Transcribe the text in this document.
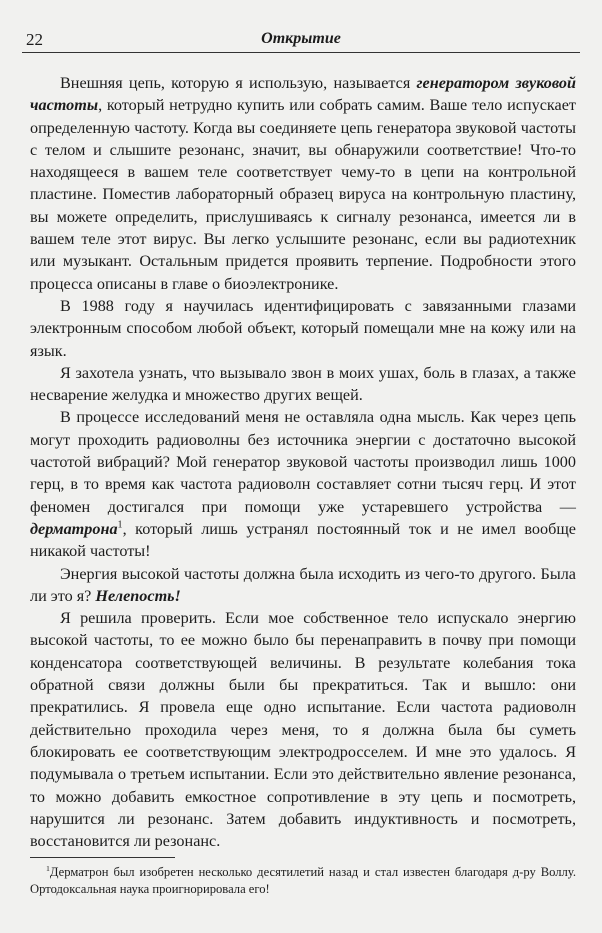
22	Открытие

Внешняя цепь, которую я использую, называется генератором звуковой частоты, который нетрудно купить или собрать самим. Ваше тело испускает определенную частоту. Когда вы соединяете цепь генератора звуковой частоты с телом и слышите резонанс, значит, вы обнаружили соответствие! Что-то находящееся в вашем теле соответствует чему-то в цепи на контрольной пластине. Поместив лабораторный образец вируса на контрольную пластину, вы можете определить, прислушиваясь к сигналу резонанса, имеется ли в вашем теле этот вирус. Вы легко услышите резонанс, если вы радиотехник или музыкант. Остальным придется проявить терпение. Подробности этого процесса описаны в главе о биоэлектронике.

В 1988 году я научилась идентифицировать с завязанными глазами электронным способом любой объект, который помещали мне на кожу или на язык.

Я захотела узнать, что вызывало звон в моих ушах, боль в глазах, а также несварение желудка и множество других вещей.

В процессе исследований меня не оставляла одна мысль. Как через цепь могут проходить радиоволны без источника энергии с достаточно высокой частотой вибраций? Мой генератор звуковой частоты производил лишь 1000 герц, в то время как частота радиоволн составляет сотни тысяч герц. И этот феномен достигался при помощи уже устаревшего устройства — дерматрона$^1$, который лишь устранял постоянный ток и не имел вообще никакой частоты!

Энергия высокой частоты должна была исходить из чего-то другого. Была ли это я? Нелепость!

Я решила проверить. Если мое собственное тело испускало энергию высокой частоты, то ее можно было бы перенаправить в почву при помощи конденсатора соответствующей величины. В результате колебания тока обратной связи должны были бы прекратиться. Так и вышло: они прекратились. Я провела еще одно испытание. Если частота радиоволн действительно проходила через меня, то я должна была бы суметь блокировать ее соответствующим электродросселем. И мне это удалось. Я подумывала о третьем испытании. Если это действительно явление резонанса, то можно добавить емкостное сопротивление в эту цепь и посмотреть, нарушится ли резонанс. Затем добавить индуктивность и посмотреть, восстановится ли резонанс.

$^1$Дерматрон был изобретен несколько десятилетий назад и стал известен благодаря д-ру Воллу. Ортодоксальная наука проигнорировала его!
